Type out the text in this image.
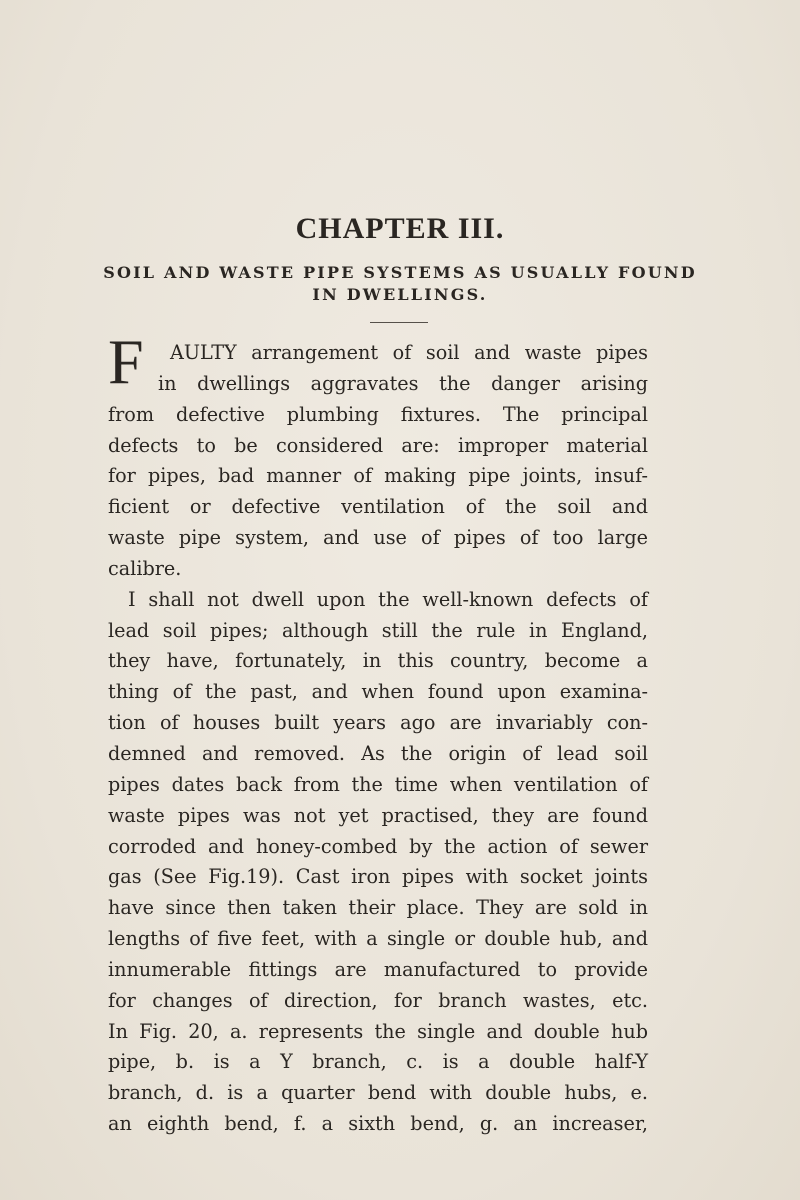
CHAPTER III.
SOIL AND WASTE PIPE SYSTEMS AS USUALLY FOUND IN DWELLINGS.
F	AULTY arrangement of soil and waste pipes
in dwellings aggravates the danger arising
from defective plumbing fixtures. The principal
defects to be considered are: improper material
for pipes, bad manner of making pipe joints, insuf-
ficient or defective ventilation of the soil and
waste pipe system, and use of pipes of too large
calibre.
I shall not dwell upon the well-known defects of
lead soil pipes; although still the rule in England,
they have, fortunately, in this country, become a
thing of the past, and when found upon examina-
tion of houses built years ago are invariably con-
demned and removed. As the origin of lead soil
pipes dates back from the time when ventilation of
waste pipes was not yet practised, they are found
corroded and honey-combed by the action of sewer
gas (See Fig.19). Cast iron pipes with socket joints
have since then taken their place. They are sold in
lengths of five feet, with a single or double hub, and
innumerable fittings are manufactured to provide
for changes of direction, for branch wastes, etc.
In Fig. 20, a. represents the single and double hub
pipe, b. is a Y branch, c. is a double half-Y
branch, d. is a quarter bend with double hubs, e.
an eighth bend, f. a sixth bend, g. an increaser,
